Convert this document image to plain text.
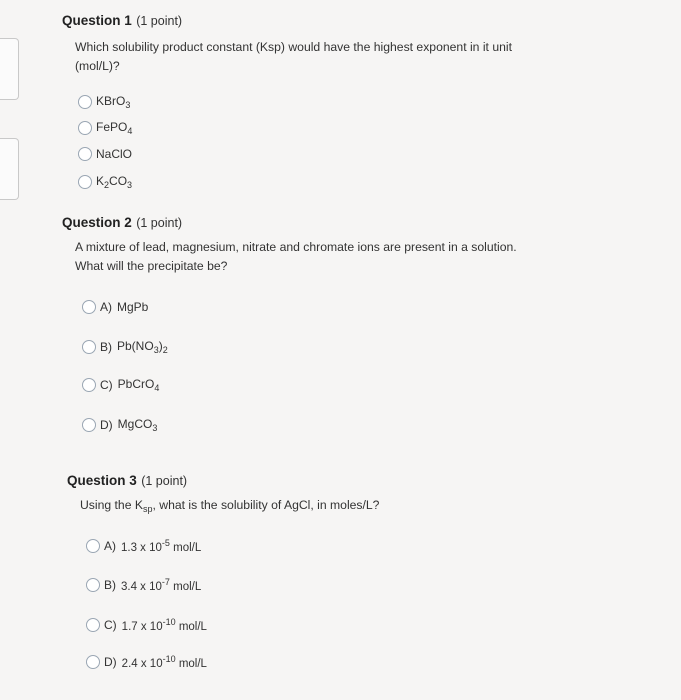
Question 1 (1 point)
Which solubility product constant (Ksp) would have the highest exponent in it unit
(mol/L)?
KBrO$_3$
FePO$_4$
NaClO
$K_2CO_3$
Question 2 (1 point)
A mixture of lead, magnesium, nitrate and chromate ions are present in a solution.
What will the precipitate be?
A) MgPb
B) $Pb(NO_3)_2$
C) PbCrO$_4$
D) MgCO$_3$
Question 3 (1 point)
Using the $K_{sp}$, what is the solubility of AgCl, in moles/L?
A) 1.3 x $10^{-5}$ mol/L
B) 3.4 x $10^{-7}$ mol/L
C) 1.7 x $10^{-10}$ mol/L
D) 2.4 x $10^{-10}$ mol/L
